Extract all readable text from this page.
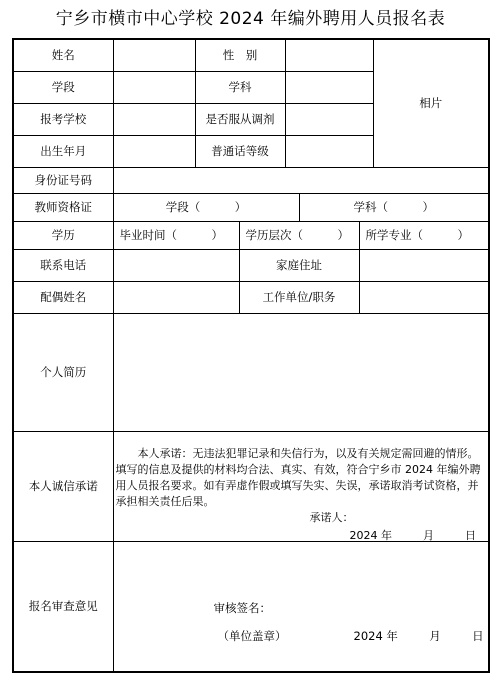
宁乡市横市中心学校 2024 年编外聘用人员报名表
姓名		性　别					相片
学段		学科					
报考学校		是否服从调剂					
出生年月		普通话等级					
身份证号码							
教师资格证	学段（　　　）				学科（　　　）		
学历	毕业时间（　　　）		学历层次（　　　）			所学专业（　　　）	
联系电话			家庭住址				
配偶姓名			工作单位/职务				
个人简历							
本人诚信承诺	本人承诺：无违法犯罪记录和失信行为，以及有关规定需回避的情形。填写的信息及提供的材料均合法、真实、有效，符合宁乡市 2024 年编外聘用人员报名要求。如有弄虚作假或填写失实、失误，承诺取消考试资格，并承担相关责任后果。
承诺人：
2024 年 月 日						

报名审查意见	审核签名：
（单位盖章） 2024 年 月 日						
